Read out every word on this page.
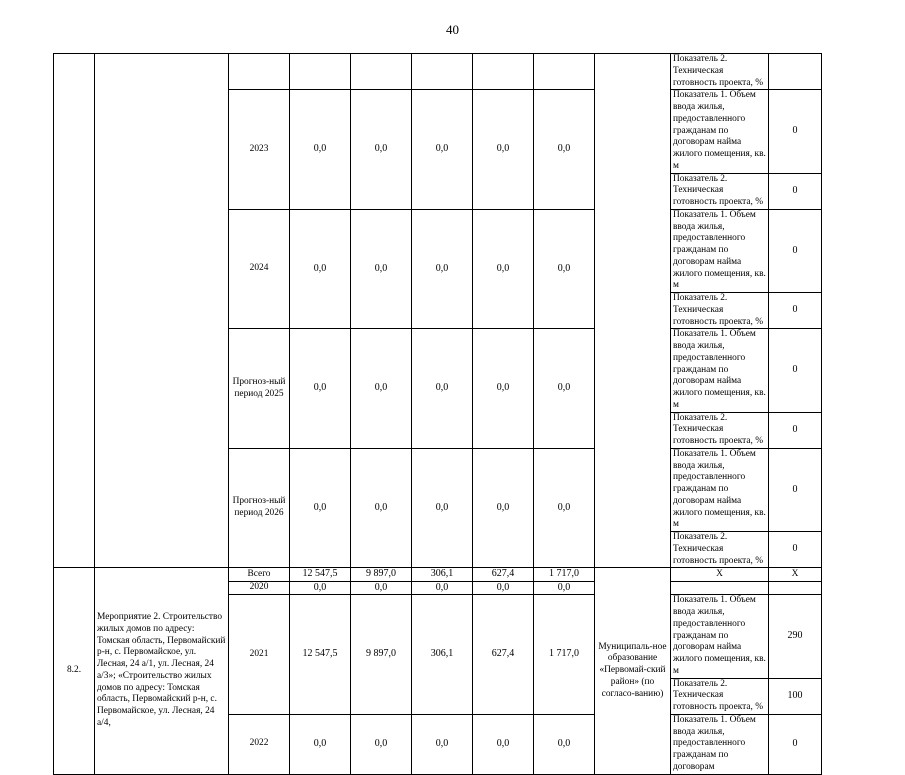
40
									Показатель 2. Техническая готовность проекта, %	
		2023	0,0	0,0	0,0	0,0	0,0		Показатель 1. Объем ввода жилья, предоставленного гражданам по договорам найма жилого помещения, кв. м	0
									Показатель 2. Техническая готовность проекта, %	0
		2024	0,0	0,0	0,0	0,0	0,0		Показатель 1. Объем ввода жилья, предоставленного гражданам по договорам найма жилого помещения, кв. м	0
									Показатель 2. Техническая готовность проекта, %	0
		Прогноз-ный период 2025	0,0	0,0	0,0	0,0	0,0		Показатель 1. Объем ввода жилья, предоставленного гражданам по договорам найма жилого помещения, кв. м	0
									Показатель 2. Техническая готовность проекта, %	0
		Прогноз-ный период 2026	0,0	0,0	0,0	0,0	0,0		Показатель 1. Объем ввода жилья, предоставленного гражданам по договорам найма жилого помещения, кв. м	0
									Показатель 2. Техническая готовность проекта, %	0
8.2.	Мероприятие 2. Строительство жилых домов по адресу: Томская область, Первомайский р-н, с. Первомайское, ул. Лесная, 24 а/1, ул. Лесная, 24 а/3»; «Строительство жилых домов по адресу: Томская область, Первомайский р-н, с. Первомайское, ул. Лесная, 24 а/4,	Всего	12 547,5	9 897,0	306,1	627,4	1 717,0	Муниципаль-ное образование «Первомай-ский район» (по согласо-ванию)	X	X
		2020	0,0	0,0	0,0	0,0	0,0			
		2021	12 547,5	9 897,0	306,1	627,4	1 717,0		Показатель 1. Объем ввода жилья, предоставленного гражданам по договорам найма жилого помещения, кв. м	290
									Показатель 2. Техническая готовность проекта, %	100
		2022	0,0	0,0	0,0	0,0	0,0		Показатель 1. Объем ввода жилья, предоставленного гражданам по договорам	0
